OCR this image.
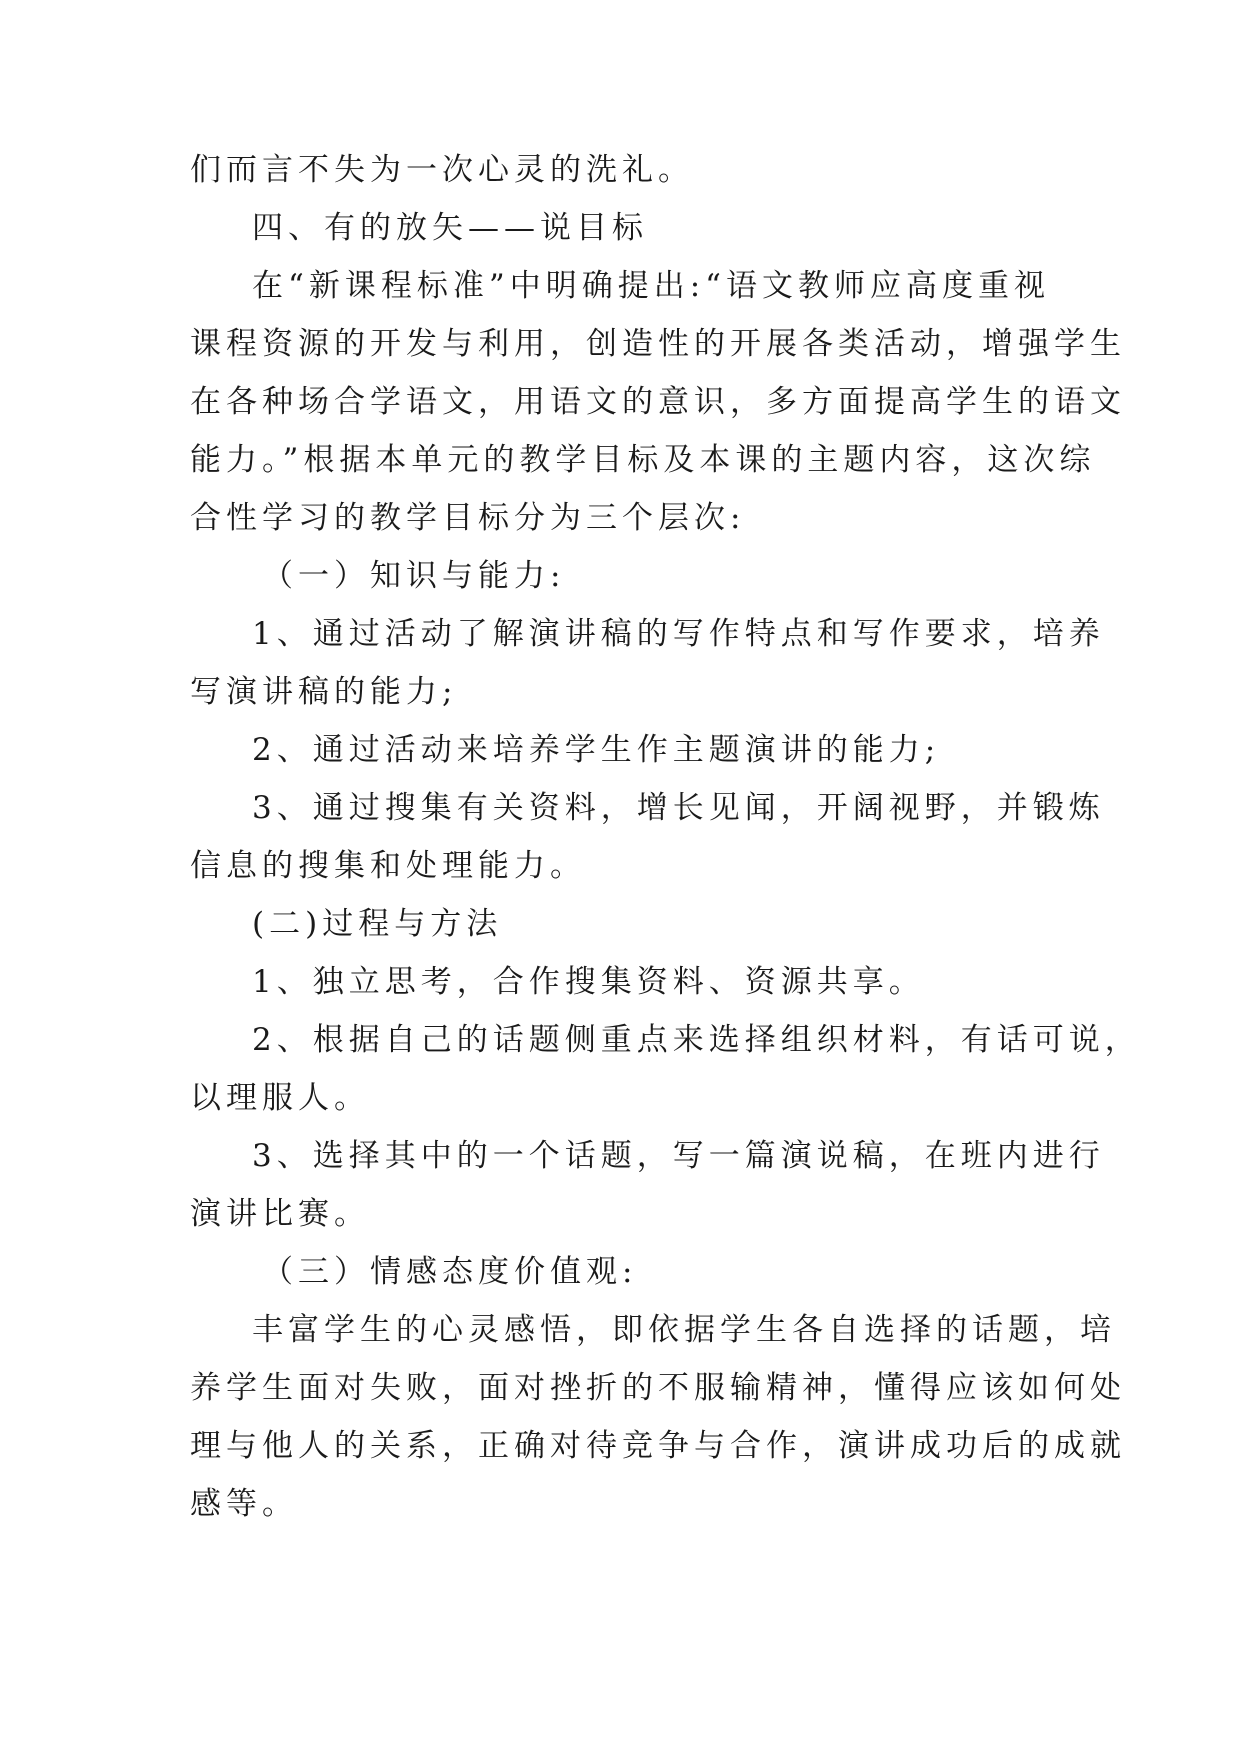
们而言不失为一次心灵的洗礼。
四、有的放矢——说目标
在“新课程标准”中明确提出:“语文教师应高度重视
课程资源的开发与利用，创造性的开展各类活动，增强学生
在各种场合学语文，用语文的意识，多方面提高学生的语文
能力。”根据本单元的教学目标及本课的主题内容，这次综
合性学习的教学目标分为三个层次:
（一）知识与能力:
1、通过活动了解演讲稿的写作特点和写作要求，培养
写演讲稿的能力;
2、通过活动来培养学生作主题演讲的能力;
3、通过搜集有关资料，增长见闻，开阔视野，并锻炼
信息的搜集和处理能力。
(二)过程与方法
1、独立思考，合作搜集资料、资源共享。
2、根据自己的话题侧重点来选择组织材料，有话可说，
以理服人。
3、选择其中的一个话题，写一篇演说稿，在班内进行
演讲比赛。
（三）情感态度价值观:
丰富学生的心灵感悟，即依据学生各自选择的话题，培
养学生面对失败，面对挫折的不服输精神，懂得应该如何处
理与他人的关系，正确对待竞争与合作，演讲成功后的成就
感等。
